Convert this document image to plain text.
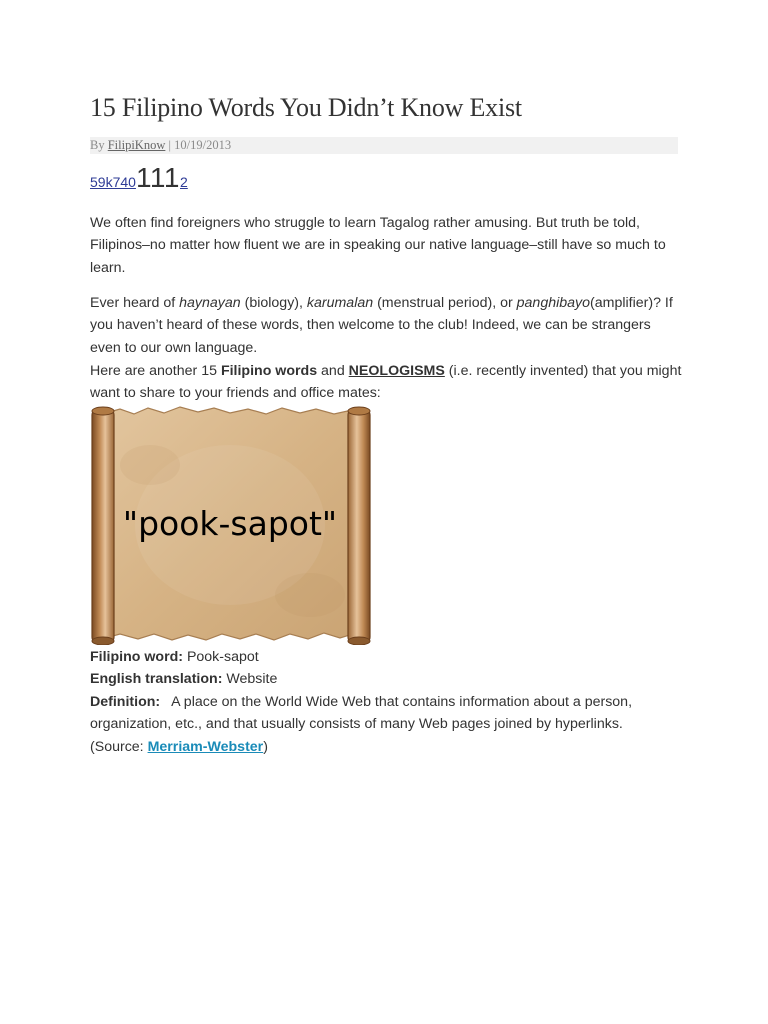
15 Filipino Words You Didn’t Know Exist
By FilipiKnow | 10/19/2013
59k7401112

We often find foreigners who struggle to learn Tagalog rather amusing. But truth be told, Filipinos–no matter how fluent we are in speaking our native language–still have so much to learn.

Ever heard of haynayan (biology), karumalan (menstrual period), or panghibayo(amplifier)? If you haven’t heard of these words, then welcome to the club! Indeed, we can be strangers even to our own language.

Here are another 15 Filipino words and NEOLOGISMS (i.e. recently invented) that you might want to share to your friends and office mates:

"pook-sapot"
Filipino word: Pook-sapot
English translation: Website
Definition:   A place on the World Wide Web that contains information about a person, organization, etc., and that usually consists of many Web pages joined by hyperlinks.
(Source: Merriam-Webster)
